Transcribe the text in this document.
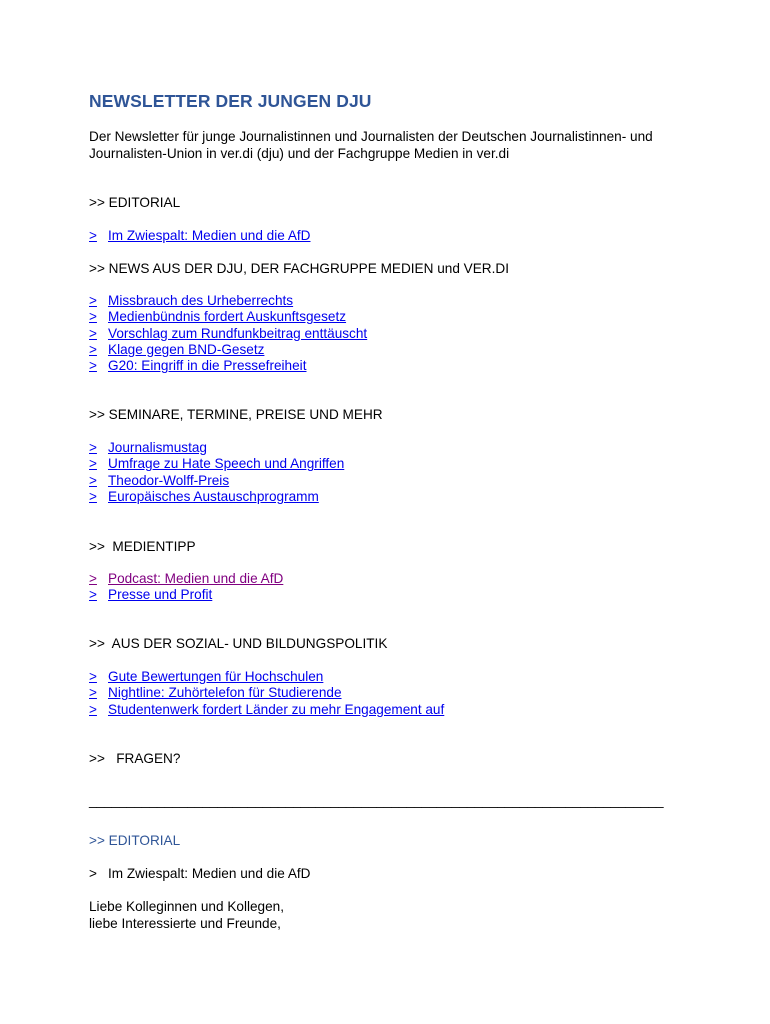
NEWSLETTER DER JUNGEN DJU
Der Newsletter für junge Journalistinnen und Journalisten der Deutschen Journalistinnen- und
Journalisten-Union in ver.di (dju) und der Fachgruppe Medien in ver.di
>> EDITORIAL
> Im Zwiespalt: Medien und die AfD
>> NEWS AUS DER DJU, DER FACHGRUPPE MEDIEN und VER.DI
> Missbrauch des Urheberrechts
> Medienbündnis fordert Auskunftsgesetz
> Vorschlag zum Rundfunkbeitrag enttäuscht
> Klage gegen BND-Gesetz
> G20: Eingriff in die Pressefreiheit
>> SEMINARE, TERMINE, PREISE UND MEHR
> Journalismustag
> Umfrage zu Hate Speech und Angriffen
> Theodor-Wolff-Preis
> Europäisches Austauschprogramm
>>  MEDIENTIPP
> Podcast: Medien und die AfD
> Presse und Profit
>>  AUS DER SOZIAL- UND BILDUNGSPOLITIK
> Gute Bewertungen für Hochschulen
> Nightline: Zuhörtelefon für Studierende
> Studentenwerk fordert Länder zu mehr Engagement auf
>>   FRAGEN?
____________________________________________________________________________
>> EDITORIAL
> Im Zwiespalt: Medien und die AfD
Liebe Kolleginnen und Kollegen,
liebe Interessierte und Freunde,
